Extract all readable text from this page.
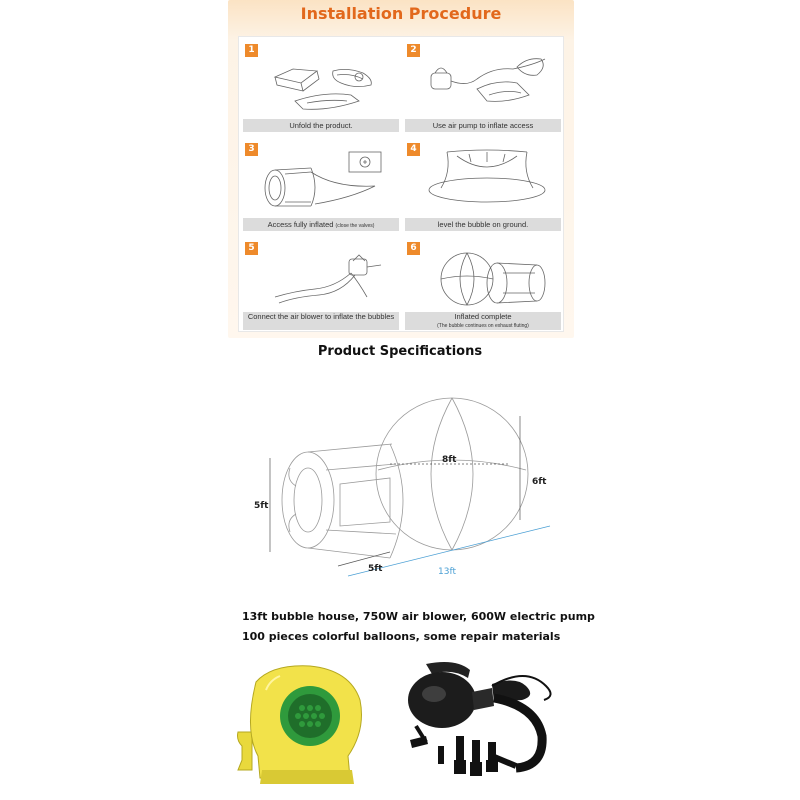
Installation Procedure
1
Unfold the product.
2
Use air pump to inflate access
3
Access fully inflated (close the valves)
4
level the bubble on ground.
5
Connect the air blower to inflate the bubbles
6
Inflated complete
(The bubble continues on exhaust fluting)
Product Specifications
5ft
8ft
6ft
5ft	13ft
13ft bubble house, 750W air blower, 600W electric pump
100 pieces colorful balloons, some repair materials
